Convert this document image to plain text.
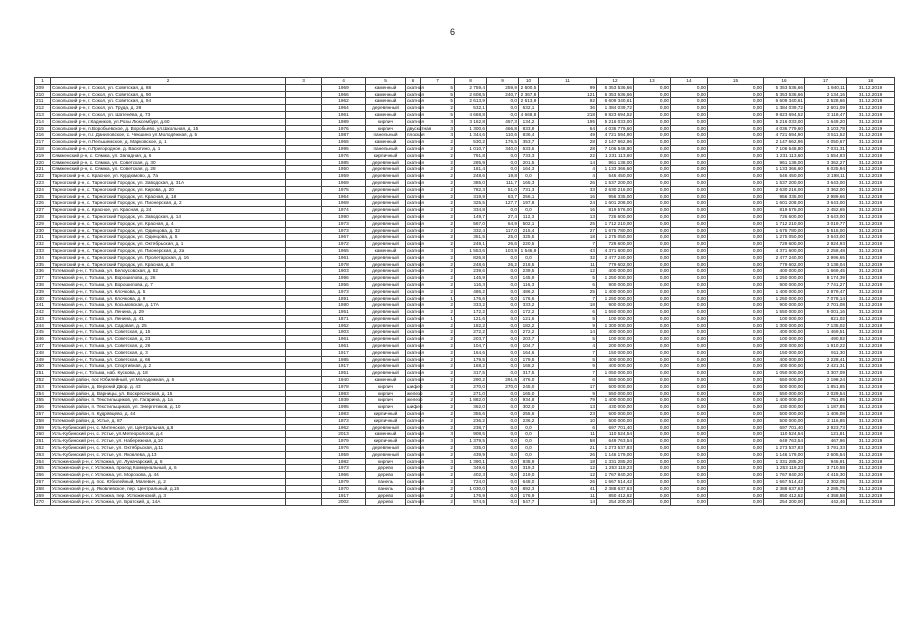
6
1	2	3	4	5	6	7	8	9	10	11	12	13	14	15	16	17	18
209	Сокольский р-н, г. Сокол, ул. Советская, д. 88		1969	каменный	скатная	5	2 759,4	259,9	2 500,5	99	5 353 536,66	0,00	0,00	0,00	5 353 536,66	1 940,11	31.12.2019
210	Сокольский р-н, г. Сокол, ул. Советская, д. 90		1966	каменный	скатная	5	2 608,5	240,7	2 367,8	121	5 353 536,66	0,00	0,00	0,00	5 353 536,66	2 134,16	31.12.2019
211	Сокольский р-н, г. Сокол, ул. Советская, д. 94		1962	каменный	скатная	5	2 613,9	0,0	2 613,9	92	6 609 340,61	0,00	0,00	0,00	6 609 340,61	2 528,66	31.12.2019
212	Сокольский р-н, г. Сокол, ул. Труда, д. 28		1964	деревянный	скатная	2	532,1	0,0	532,1	36	1 384 039,72	0,00	0,00	0,00	1 384 039,72	2 601,09	31.12.2019
213	Сокольский р-н, г. Сокол, ул. Шатенёва, д. 73		1961	каменный	скатная	5	4 668,8	0,0	4 668,8	218	9 823 694,52	0,00	0,00	0,00	9 823 694,52	2 118,47	31.12.2019
214	Сокольский р-н, г.Кадников, ул.Розы Люксембург, д.60		1989	кирпич	скатная	3	3 162,8	457,3	134,2	195	5 216 033,00	0,00	0,00	0,00	5 216 033,00	1 649,20	31.12.2019
215	Сокольский р-н, п.Воробьевское, д. Воробьево, ул.Школьная, д. 15		1976	кирпич	двускатная	3	1 300,6	466,8	833,8	64	4 036 779,60	0,00	0,00	0,00	4 036 779,60	3 103,78	31.12.2019
216	Сокольский р-н, п.г. Даниловское, с. Чекшино ул.Молодёжная, д. 5		1987	панельный	плоская	3	1 344,6	110,6	836,4	49	4 721 594,90	0,00	0,00	0,00	4 721 594,90	3 511,52	31.12.2019
217	Сокольский р-н, п.Пельшемское, д. Марковское, д. 1		1965	каменный	скатная	2	530,2	176,5	353,7	28	2 147 662,96	0,00	0,00	0,00	2 147 662,96	4 050,67	31.12.2019
218	Сокольский р-н, п.Пригородное, д. Васютино, д. 1		1995	панельный	скатная	2	1 010,7	340,0	533,6	28	7 106 548,80	0,00	0,00	0,00	7 106 548,80	7 031,31	31.12.2019
219	Сямженский р-н, с. Сямжа, ул. Западная, д. 6		1976	кирпичный	скатная	2	791,8	0,0	733,3	22	1 231 113,60	0,00	0,00	0,00	1 231 113,60	1 554,83	31.12.2019
220	Сямженский р-н, с. Сямжа, ул. Советская, д. 30		1985	деревянный	скатная	2	285,9	0,0	201,5	14	961 138,00	0,00	0,00	0,00	961 138,00	3 362,27	31.12.2019
221	Сямженский р-н, с. Сямжа, ул. Советская, д. 28		1950	деревянный	скатная	2	181,4	0,0	164,3	4	1 133 366,60	0,00	0,00	0,00	1 133 366,60	6 025,94	31.12.2019
222	Тарногский р-н, с. Красное, ул. Курдюмово, д. 7а		1959	деревянный	скатная	2	248,6	19,8	0,0	4	546 450,00	0,00	0,00	0,00	546 450,00	2 198,11	31.12.2019
223	Тарногский р-н, с. Тарногский Городок, ул. Заводская, д. 31А		1969	деревянный	скатная	2	385,0	111,7	165,3	26	1 537 200,00	0,00	0,00	0,00	1 537 200,00	3 643,00	31.12.2019
224	Тарногский р-н, с. Тарногский Городок, ул. Кирова, д. 20		1975	деревянный	скатная	2	782,3	51,0	731,3	33	2 630 216,00	0,00	0,00	0,00	2 630 216,00	3 362,00	31.12.2019
225	Тарногский р-н, с. Тарногский Городок, ул. Красная, д. 18		1964	деревянный	скатная	2	319,9	63,7	256,1	16	956 335,00	0,00	0,00	0,00	956 335,00	2 989,66	31.12.2019
226	Тарногский р-н, с. Тарногский Городок, ул. Пионерская, д. 2		1969	деревянный	скатная	2	325,5	127,7	197,8	24	1 601 208,00	0,00	0,00	0,00	1 601 208,00	3 643,00	31.12.2019
227	Тарногский р-н, с. Красное, ул. Красная, д. 24		1974	деревянный	скатная	2	334,8	0,0	0,0	16	819 576,00	0,00	0,00	0,00	819 576,00	2 452,65	31.12.2019
228	Тарногский р-н, с. Тарногский Городок, ул. Заводская, д. 14		1990	деревянный	скатная	2	149,7	27,4	112,3	13	726 600,00	0,00	0,00	0,00	726 600,00	3 643,00	31.12.2019
229	Тарногский р-н, с. Тарногский Городок, ул. Красная, д. 4		1973	деревянный	скатная	2	567,0	64,9	502,1	25	1 712 210,00	0,00	0,00	0,00	1 712 210,00	3 019,77	31.12.2019
230	Тарногский р-н, с. Тарногский Городок, ул. Одинцова, д. 32		1973	деревянный	скатная	2	332,4	117,0	215,4	27	1 675 780,00	0,00	0,00	0,00	1 675 780,00	5 515,00	31.12.2019
231	Тарногский р-н, с. Тарногский Городок, ул. Одинцова, д. 5		1967	деревянный	скатная	2	351,5	25,0	325,5	18	1 275 050,00	0,00	0,00	0,00	1 275 050,00	3 643,00	31.12.2019
232	Тарногский р-н, с. Тарногский Городок, ул. Октябрьская, д. 1		1972	деревянный	скатная	2	249,1	26,6	220,5	7	729 600,00	0,00	0,00	0,00	729 600,00	2 924,93	31.12.2019
233	Тарногский р-н, с. Тарногский Городок, ул. Пионерская, д. 2а		1965	каменный	скатная	3	1 553,6	103,9	1 546,9	43	4 371 600,00	0,00	0,00	0,00	4 371 600,00	2 258,48	31.12.2019
234	Тарногский р-н, с. Тарногский Городок, ул. Пролетарская, д. 16		1961	деревянный	скатная	2	826,8	0,0	0,0	32	2 477 240,00	0,00	0,00	0,00	2 477 240,00	2 996,65	31.12.2019
235	Тарногский р-н, с. Тарногский Городок, ул. Красная, д. 8		1978	деревянный	скатная	2	248,6	26,2	218,5	11	779 602,00	0,00	0,00	0,00	779 602,00	3 138,04	31.12.2019
236	Тотемский р-н, г. Тотьма, ул. Белоусовская, д. 52		1903	деревянный	скатная	2	239,6	0,0	239,5	12	400 000,00	0,00	0,00	0,00	400 000,00	1 669,45	31.12.2019
237	Тотемский р-н, г. Тотьма, ул. Ворошилова, д. 26		1996	деревянный	скатная	2	145,9	0,0	145,9	5	1 250 000,00	0,00	0,00	0,00	1 250 000,00	8 174,39	31.12.2019
238	Тотемский р-н, г. Тотьма, ул. Ворошилова, д. 7		1956	деревянный	скатная	2	116,3	0,0	116,3	6	900 000,00	0,00	0,00	0,00	900 000,00	7 741,27	31.12.2019
239	Тотемский р-н, г. Тотьма, ул. Клочкова, д. 5		1973	деревянный	скатная	2	486,2	0,0	486,2	25	1 400 000,00	0,00	0,00	0,00	1 400 000,00	2 879,47	31.12.2019
240	Тотемский р-н, г. Тотьма, ул. Клочкова, д. 9		1891	деревянный	скатная	1	176,6	0,0	176,6	7	1 250 000,00	0,00	0,00	0,00	1 250 000,00	7 078,14	31.12.2019
241	Тотемский р-н, г. Тотьма, ул. Косьмовская, д. 17А		1980	деревянный	скатная	2	333,2	0,0	333,2	18	900 000,00	0,00	0,00	0,00	900 000,00	2 701,08	31.12.2019
242	Тотемский р-н, г. Тотьма, ул. Ленина, д. 29		1951	деревянный	скатная	2	172,2	0,0	172,2	6	1 550 000,00	0,00	0,00	0,00	1 550 000,00	9 001,16	31.12.2019
243	Тотемский р-н, г. Тотьма, ул. Ленина, д. 41		1871	деревянный	скатная	1	121,6	0,0	121,6	5	100 000,00	0,00	0,00	0,00	100 000,00	821,02	31.12.2019
244	Тотемский р-н, г. Тотьма, ул. Садовая, д. 25		1962	деревянный	скатная	2	182,2	0,0	182,2	9	1 300 000,00	0,00	0,00	0,00	1 300 000,00	7 135,02	31.12.2019
245	Тотемский р-н, г. Тотьма, ул. Советская, д. 15		1903	деревянный	скатная	2	272,2	0,0	272,2	14	400 000,00	0,00	0,00	0,00	400 000,00	1 469,51	31.12.2019
246	Тотемский р-н, г. Тотьма, ул. Советская, д. 23		1961	деревянный	скатная	2	203,7	0,0	203,7	5	100 000,00	0,00	0,00	0,00	100 000,00	490,92	31.12.2019
247	Тотемский р-н, г. Тотьма, ул. Советская, д. 26		1961	деревянный	скатная	2	104,7	0,0	104,7	4	200 000,00	0,00	0,00	0,00	200 000,00	1 910,22	31.12.2019
248	Тотемский р-н, г. Тотьма, ул. Советская, д. 3		1917	деревянный	скатная	2	164,6	0,0	164,6	7	150 000,00	0,00	0,00	0,00	150 000,00	911,30	31.12.2019
249	Тотемский р-н, г. Тотьма, ул. Советская, д. 66		1985	деревянный	скатная	2	179,5	0,0	179,5	5	400 000,00	0,00	0,00	0,00	400 000,00	2 228,41	31.12.2019
250	Тотемский р-н, г. Тотьма, ул. Спортивная, д. 2		1917	деревянный	скатная	2	168,2	0,0	168,2	9	400 000,00	0,00	0,00	0,00	400 000,00	2 421,31	31.12.2019
251	Тотемский р-н, г. Тотьма, наб. Кускова, д. 18		1951	деревянный	скатная	2	317,5	0,0	317,5	7	1 050 000,00	0,00	0,00	0,00	1 050 000,00	3 307,09	31.12.2019
252	Тотемский район, пос Юбилейный, ул.Молодежная, д. 6		1940	каменный	скатная	2	290,2	291,6	476,0	6	550 000,00	0,00	0,00	0,00	550 000,00	2 198,24	31.12.2019
253	Тотемский район, д. Верхний Двор, д. 43		1978	кирпич	шифер	3	270,0	270,0	245,0	17	500 000,00	0,00	0,00	0,00	500 000,00	1 851,85	31.12.2019
254	Тотемский район, д. Варницы, ул. Воскресенская, д. 15		1983	кирпич	железо	2	271,0	0,0	165,0	9	550 000,00	0,00	0,00	0,00	550 000,00	2 029,54	31.12.2019
255	Тотемский район, п. Текстильщиков, ул. Гагарина, д. 1а		1939	кирпич	железо	2	1 882,0	0,0	934,8	79	1 400 000,00	0,00	0,00	0,00	1 400 000,00	751,85	31.12.2019
256	Тотемский район, п. Текстильщиков, ул. Энергетиков, д. 10		1995	кирпич	шифер	2	362,0	0,0	302,0	13	430 000,00	0,00	0,00	0,00	430 000,00	1 187,85	31.12.2019
257	Тотемский район, п. Кудрявцево, д. 44		1983	кирпичный	скатная	2	355,6	0,0	255,6	23	500 000,00	0,00	0,00	0,00	500 000,00	1 406,08	31.12.2019
258	Тотемский район, д. Устье, д. 87		1973	кирпичный	скатная	2	236,2	0,0	236,2	10	500 000,00	0,00	0,00	0,00	500 000,00	2 116,85	31.12.2019
259	Усть-Кубинский р-н, с. Митенское, ул. Центральная, д.8		1962	деревянный	скатная	2	238,7	0,0	0,0	6	697 701,40	0,00	0,00	0,00	697 701,40	2 923,73	31.12.2019
260	Усть-Кубинский р-н, с. Устье, ул.Метеорологов, д.4		2013	каменный	скатная	3	908,5	0,0	0,0	11	110 524,54	0,00	0,00	0,00	110 524,54	121,81	31.12.2019
261	Усть-Кубинский р-н, с. Устье, ул. Набережная, д.10		1979	кирпичный	скатная	3	1 379,5	0,0	0,0	58	649 763,54	0,00	0,00	0,00	649 763,54	467,96	31.12.2019
262	Усть-Кубинский р-н, с. Устье, ул. Октябрьская, д.11		1976	деревянный	скатная	2	335,0	0,0	0,0	21	1 273 537,83	0,00	0,00	0,00	1 273 537,83	3 791,33	31.12.2019
263	Усть-Кубинский р-н, с. Устье, ул. Яковлева, д.13		1959	деревянный	скатная	2	439,9	0,0	0,0	26	1 146 179,00	0,00	0,00	0,00	1 146 179,00	2 605,54	31.12.2019
264	Устюженский р-н, г. Устюжна, ул. Луначарский, д. 6		1982	кирпич	скатная	3	1 390,1	0,0	838,9	18	1 331 285,20	0,00	0,00	0,00	1 331 285,20	946,91	31.12.2019
265	Устюженский р-н, г. Устюжна, проезд Коммунальный, д. 6		1973	дерево	скатная	2	349,6	0,0	319,3	12	1 253 119,23	0,00	0,00	0,00	1 253 119,23	3 710,58	31.12.2019
266	Устюженский р-н, г. Устюжна, ул. Морозова, д. 44		1966	дерево	скатная	2	402,3	0,0	219,0	12	1 767 840,20	0,00	0,00	0,00	1 767 840,20	4 415,30	31.12.2019
267	Устюженский р-н, д. пос. Юбилейный, Малевич, д. 2		1979	панель	скатная	2	724,0	0,0	648,0	26	1 667 514,42	0,00	0,00	0,00	1 667 514,42	2 302,05	31.12.2019
268	Устюженский р-н, д. Яковлевское, пер. Центральный, д.15		1970	панель	скатная	2	1 030,0	0,0	892,3	41	2 388 637,63	0,00	0,00	0,00	2 388 637,63	2 285,75	31.12.2019
269	Устюженский р-н, г. Устюжна, пер. Устюженский, д. 3		1917	дерево	скатная	2	176,9	0,0	176,9	11	850 412,62	0,00	0,00	0,00	850 412,62	4 358,58	31.12.2019
270	Устюженский р-н, г. Устюжна, ул. Братский, д. 14А		2002	дерево	скатная	2	574,5	0,0	547,7	14	254 200,00	0,00	0,00	0,00	254 200,00	442,46	31.12.2019
